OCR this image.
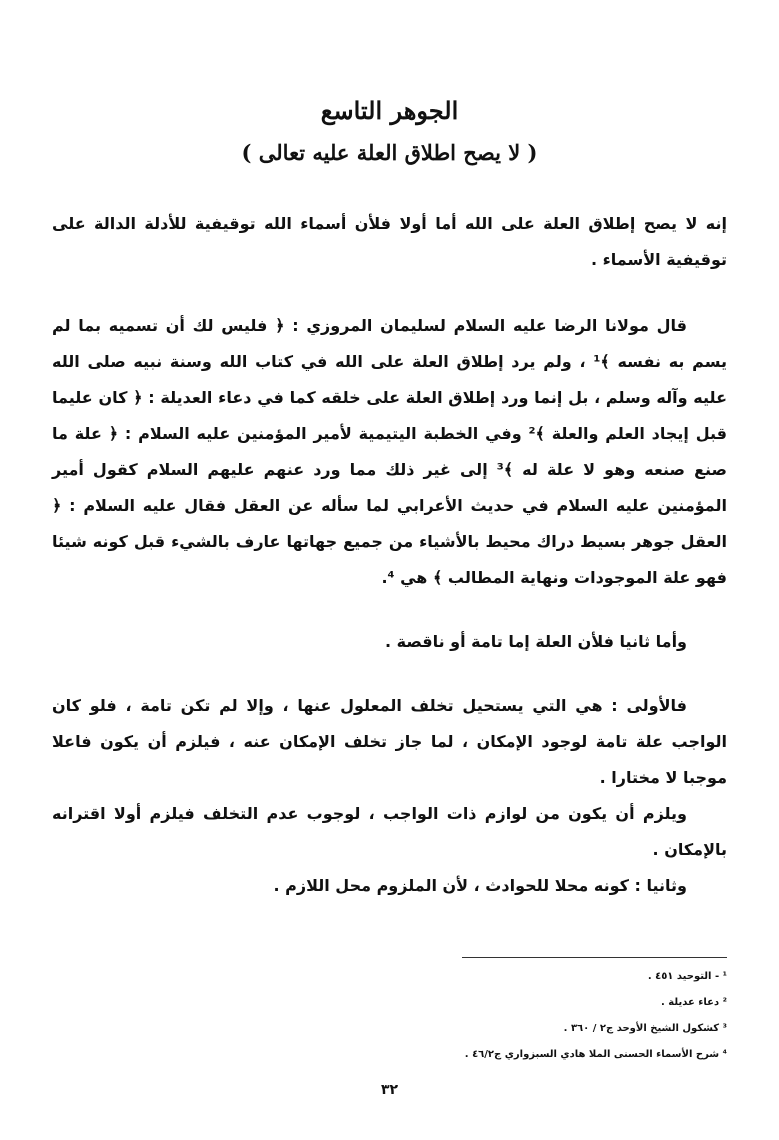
الجوهر التاسع
( لا يصح اطلاق العلة عليه تعالى )

إنه لا يصح إطلاق العلة على الله أما أولا فلأن أسماء الله توقيفية للأدلة الدالة على توقيفية الأسماء .

قال مولانا الرضا عليه السلام لسليمان المروزي : ﴿ فليس لك أن تسميه بما لم يسم به نفسه ﴾¹ ، ولم يرد إطلاق العلة على الله في كتاب الله وسنة نبيه صلى الله عليه وآله وسلم ، بل إنما ورد إطلاق العلة على خلقه كما في دعاء العديلة : ﴿ كان عليما قبل إيجاد العلم والعلة ﴾² وفي الخطبة اليتيمية لأمير المؤمنين عليه السلام : ﴿ علة ما صنع صنعه وهو لا علة له ﴾³ إلى غير ذلك مما ورد عنهم عليهم السلام كقول أمير المؤمنين عليه السلام في حديث الأعرابي لما سأله عن العقل فقال عليه السلام : ﴿ العقل جوهر بسيط دراك محيط بالأشياء من جميع جهاتها عارف بالشيء قبل كونه شيئا فهو علة الموجودات ونهاية المطالب ﴾ هي ⁴.

وأما ثانيا فلأن العلة إما تامة أو ناقصة .

فالأولى : هي التي يستحيل تخلف المعلول عنها ، وإلا لم تكن تامة ، فلو كان الواجب علة تامة لوجود الإمكان ، لما جاز تخلف الإمكان عنه ، فيلزم أن يكون فاعلا موجبا لا مختارا .

ويلزم أن يكون من لوازم ذات الواجب ، لوجوب عدم التخلف فيلزم أولا اقترانه بالإمكان .

وثانيا : كونه محلا للحوادث ، لأن الملزوم محل اللازم .

¹ - التوحيد ٤٥١ .
² دعاء عديلة .
³ كشكول الشيخ الأوحد ج٢ / ٣٦٠ .
⁴ شرح الأسماء الحسنى الملا هادي السبزواري ج٤٦/٢ .
٣٢
